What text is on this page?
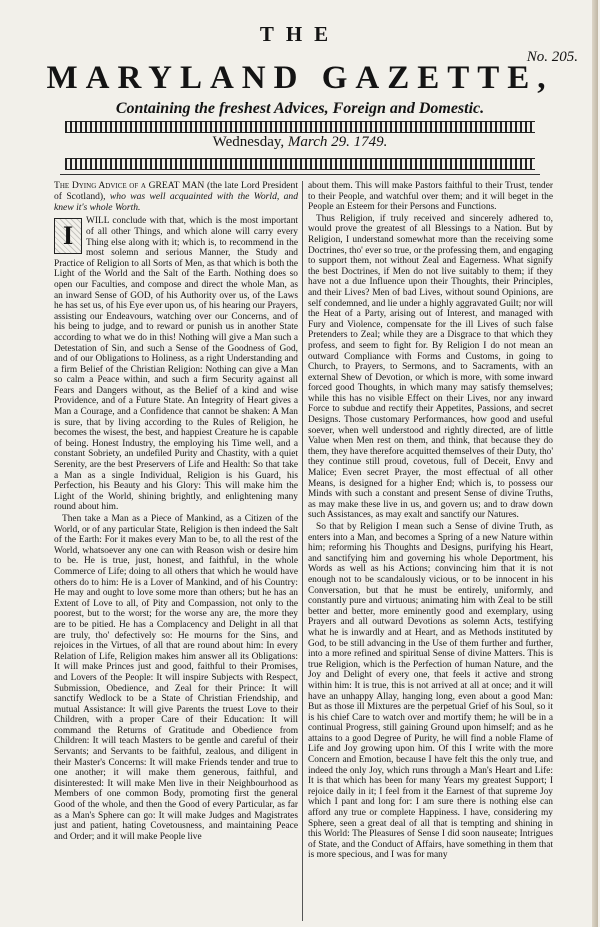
THE
No. 205.
MARYLAND GAZETTE,
Containing the freshest Advices, Foreign and Domestic.
Wednesday, March 29. 1749.
The Dying Advice of a GREAT MAN (the late Lord President of Scotland), who was well acquainted with the World, and knew it's whole Worth.
I	WILL conclude with that, which is the most important of all other Things, and which alone will carry every Thing else along with it; which is, to recommend in the most solemn and serious Manner, the Study and Practice of Religion to all Sorts of Men, as that which is both the Light of the World and the Salt of the Earth. Nothing does so open our Faculties, and compose and direct the whole Man, as an inward Sense of GOD, of his Authority over us, of the Laws he has set us, of his Eye ever upon us, of his hearing our Prayers, assisting our Endeavours, watching over our Concerns, and of his being to judge, and to reward or punish us in another State according to what we do in this! Nothing will give a Man such a Detestation of Sin, and such a Sense of the Goodness of God, and of our Obligations to Holiness, as a right Understanding and a firm Belief of the Christian Religion: Nothing can give a Man so calm a Peace within, and such a firm Security against all Fears and Dangers without, as the Belief of a kind and wise Providence, and of a Future State. An Integrity of Heart gives a Man a Courage, and a Confidence that cannot be shaken: A Man is sure, that by living according to the Rules of Religion, he becomes the wisest, the best, and happiest Creature he is capable of being. Honest Industry, the employing his Time well, and a constant Sobriety, an undefiled Purity and Chastity, with a quiet Serenity, are the best Preservers of Life and Health: So that take a Man as a single Individual, Religion is his Guard, his Perfection, his Beauty and his Glory: This will make him the Light of the World, shining brightly, and enlightening many round about him.

Then take a Man as a Piece of Mankind, as a Citizen of the World, or of any particular State, Religion is then indeed the Salt of the Earth: For it makes every Man to be, to all the rest of the World, whatsoever any one can with Reason wish or desire him to be. He is true, just, honest, and faithful, in the whole Commerce of Life; doing to all others that which he would have others do to him: He is a Lover of Mankind, and of his Country: He may and ought to love some more than others; but he has an Extent of Love to all, of Pity and Compassion, not only to the poorest, but to the worst; for the worse any are, the more they are to be pitied. He has a Complacency and Delight in all that are truly, tho' defectively so: He mourns for the Sins, and rejoices in the Virtues, of all that are round about him: In every Relation of Life, Religion makes him answer all its Obligations: It will make Princes just and good, faithful to their Promises, and Lovers of the People: It will inspire Subjects with Respect, Submission, Obedience, and Zeal for their Prince: It will sanctify Wedlock to be a State of Christian Friendship, and mutual Assistance: It will give Parents the truest Love to their Children, with a proper Care of their Education: It will command the Returns of Gratitude and Obedience from Children: It will teach Masters to be gentle and careful of their Servants; and Servants to be faithful, zealous, and diligent in their Master's Concerns: It will make Friends tender and true to one another; it will make them generous, faithful, and disinterested: It will make Men live in their Neighbourhood as Members of one common Body, promoting first the general Good of the whole, and then the Good of every Particular, as far as a Man's Sphere can go: It will make Judges and Magistrates just and patient, hating Covetousness, and maintaining Peace and Order; and it will make People live

about them. This will make Pastors faithful to their Trust, tender to their People, and watchful over them; and it will beget in the People an Esteem for their Persons and Functions.

Thus Religion, if truly received and sincerely adhered to, would prove the greatest of all Blessings to a Nation. But by Religion, I understand somewhat more than the receiving some Doctrines, tho' ever so true, or the professing them, and engaging to support them, not without Zeal and Eagerness. What signify the best Doctrines, if Men do not live suitably to them; if they have not a due Influence upon their Thoughts, their Principles, and their Lives? Men of bad Lives, without sound Opinions, are self condemned, and lie under a highly aggravated Guilt; nor will the Heat of a Party, arising out of Interest, and managed with Fury and Violence, compensate for the ill Lives of such false Pretenders to Zeal; while they are a Disgrace to that which they profess, and seem to fight for. By Religion I do not mean an outward Compliance with Forms and Customs, in going to Church, to Prayers, to Sermons, and to Sacraments, with an external Shew of Devotion, or which is more, with some inward forced good Thoughts, in which many may satisfy themselves; while this has no visible Effect on their Lives, nor any inward Force to subdue and rectify their Appetites, Passions, and secret Designs. Those customary Performances, how good and useful soever, when well understood and rightly directed, are of little Value when Men rest on them, and think, that because they do them, they have therefore acquitted themselves of their Duty, tho' they continue still proud, covetous, full of Deceit, Envy and Malice; Even secret Prayer, the most effectual of all other Means, is designed for a higher End; which is, to possess our Minds with such a constant and present Sense of divine Truths, as may make these live in us, and govern us; and to draw down such Assistances, as may exalt and sanctify our Natures.

So that by Religion I mean such a Sense of divine Truth, as enters into a Man, and becomes a Spring of a new Nature within him; reforming his Thoughts and Designs, purifying his Heart, and sanctifying him and governing his whole Deportment, his Words as well as his Actions; convincing him that it is not enough not to be scandalously vicious, or to be innocent in his Conversation, but that he must be entirely, uniformly, and constantly pure and virtuous; animating him with Zeal to be still better and better, more eminently good and exemplary, using Prayers and all outward Devotions as solemn Acts, testifying what he is inwardly and at Heart, and as Methods instituted by God, to be still advancing in the Use of them further and further, into a more refined and spiritual Sense of divine Matters. This is true Religion, which is the Perfection of human Nature, and the Joy and Delight of every one, that feels it active and strong within him: It is true, this is not arrived at all at once; and it will have an unhappy Allay, hanging long, even about a good Man: But as those ill Mixtures are the perpetual Grief of his Soul, so it is his chief Care to watch over and mortify them; he will be in a continual Progress, still gaining Ground upon himself; and as he attains to a good Degree of Purity, he will find a noble Flame of Life and Joy growing upon him. Of this I write with the more Concern and Emotion, because I have felt this the only true, and indeed the only Joy, which runs through a Man's Heart and Life: It is that which has been for many Years my greatest Support; I rejoice daily in it; I feel from it the Earnest of that supreme Joy which I pant and long for: I am sure there is nothing else can afford any true or complete Happiness. I have, considering my Sphere, seen a great deal of all that is tempting and shining in this World: The Pleasures of Sense I did soon nauseate; Intrigues of State, and the Conduct of Affairs, have something in them that is more specious, and I was for many
